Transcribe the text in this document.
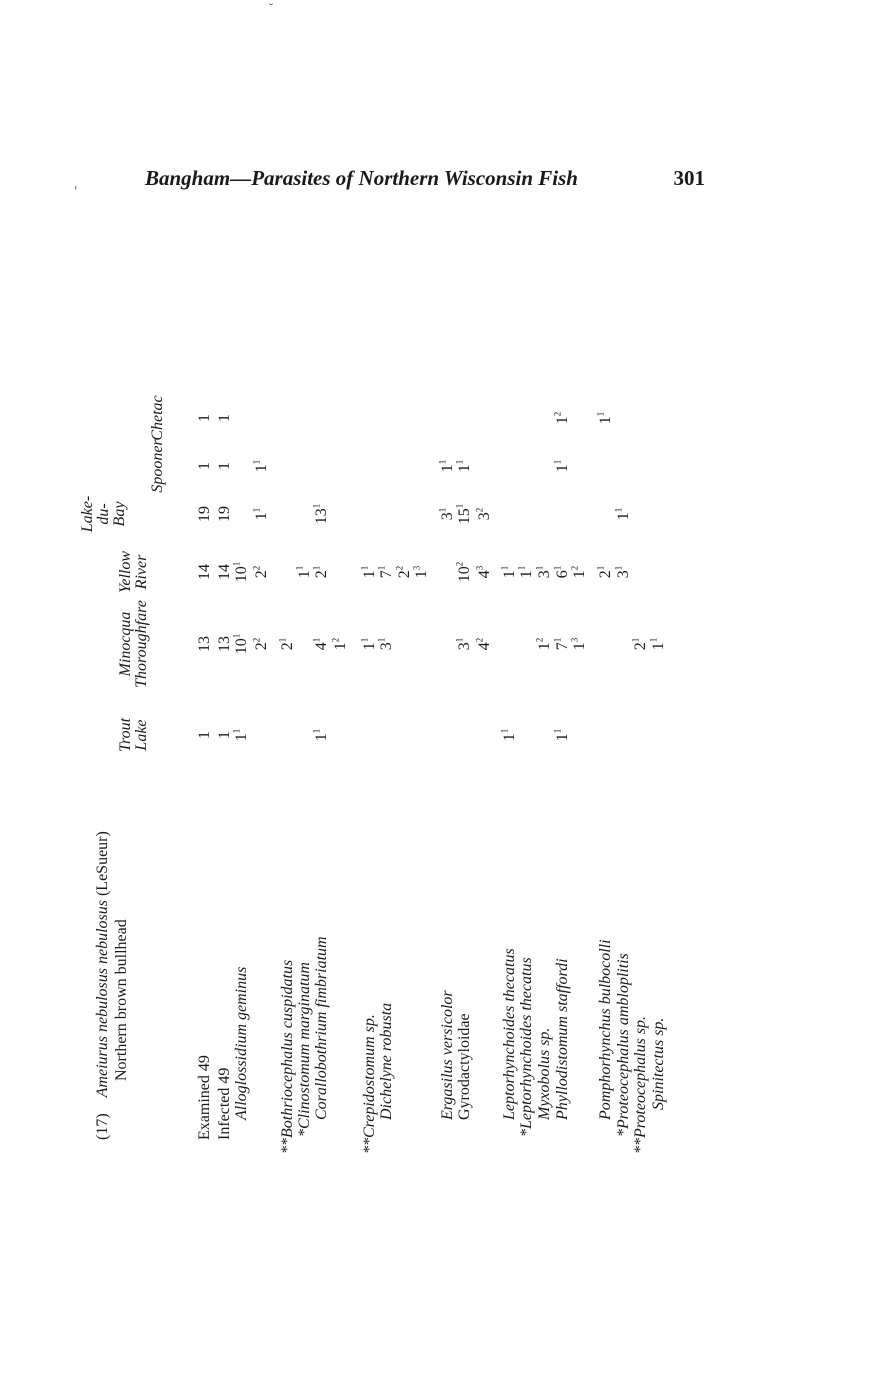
Bangham—Parasites of Northern Wisconsin Fish	301
(17)    Ameiurus nebulosus nebulosus (LeSueur)
Northern brown bullhead
Trout
Lake
Minocqua
Thoroughfare
Yellow
River
Lake-
du-
Bay
Spooner
Chetac
Examined 49
1
13
14
19
1
1
Infected 49
1
13
14
19
1
1
Alloglossidium geminus
$1^1$
$10^1$
$10^1$
$2^2$
$2^2$
$1^1$
$1^1$
**Bothriocephalus cuspidatus
$2^1$
*Clinostomum marginatum
$1^1$
Corallobothrium fimbriatum
$1^1$
$4^1$
$2^1$
$13^1$
$1^2$
**Crepidostomum sp.
$1^1$
$1^1$
Dichelyne robusta
$3^1$
$7^1$
$2^2$
$1^3$
Ergasilus versicolor
$3^1$
$1^1$
Gyrodactyloidae
$3^1$
$10^2$
$15^1$
$1^1$
$4^2$
$4^3$
$3^2$
Leptorhynchoides thecatus
$1^1$
$1^1$
*Leptorhynchoides thecatus
$1^1$
Myxobolus sp.
$1^2$
$3^1$
Phyllodistomum staffordi
$1^1$
$7^1$
$6^1$
$1^1$
$1^2$
$1^3$
$1^2$
Pomphorhynchus bulbocolli
$2^1$
$1^1$
*Proteocephalus ambloplitis
$3^1$
$1^1$
**Proteocephalus sp.
$2^1$
Spinitectus sp.
$1^1$
˘
'
